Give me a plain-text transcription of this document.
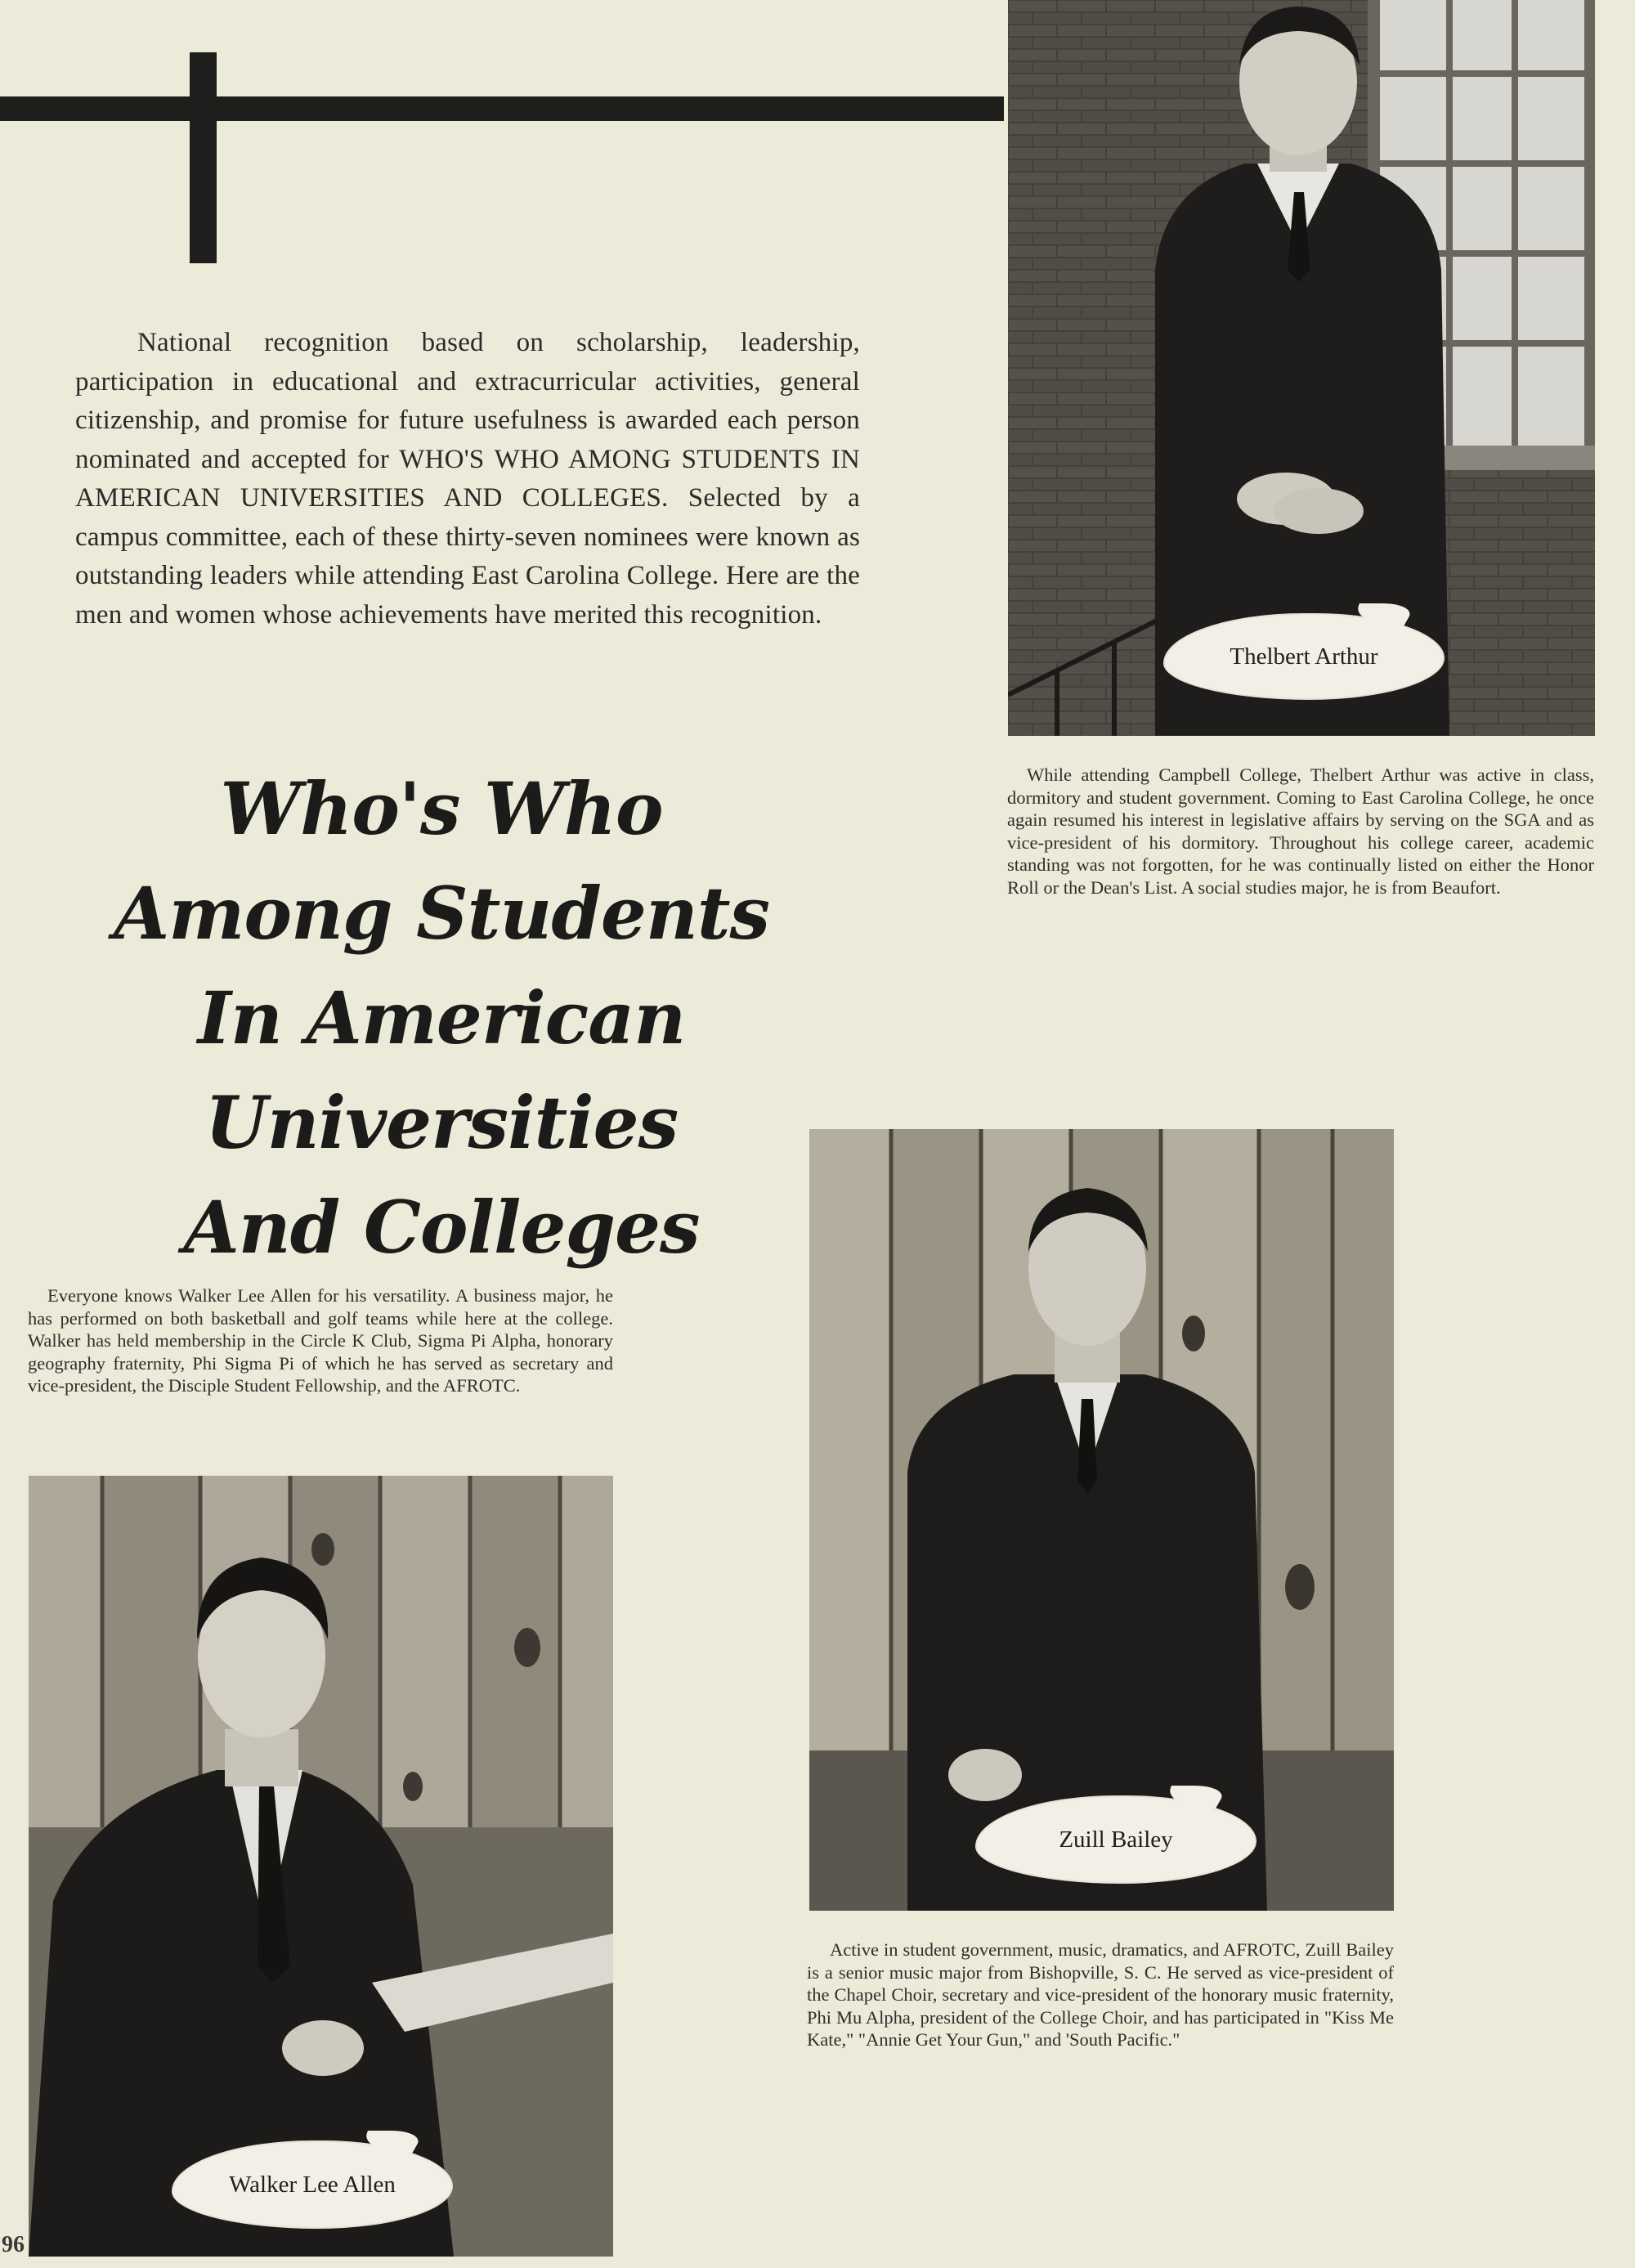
National recognition based on scholarship, leadership, participation in educational and extracurricular activities, general citizenship, and promise for future usefulness is awarded each person nominated and accepted for WHO'S WHO AMONG STUDENTS IN AMERICAN UNIVERSITIES AND COLLEGES. Selected by a campus committee, each of these thirty-seven nominees were known as outstanding leaders while attending East Carolina College. Here are the men and women whose achievements have merited this recognition.

Who's Who
Among Students
In American Universities
And Colleges
Thelbert Arthur

While attending Campbell College, Thelbert Arthur was active in class, dormitory and student government. Coming to East Carolina College, he once again resumed his interest in legislative affairs by serving on the SGA and as vice-president of his dormitory. Throughout his college career, academic standing was not forgotten, for he was continually listed on either the Honor Roll or the Dean's List. A social studies major, he is from Beaufort.

Everyone knows Walker Lee Allen for his versatility. A business major, he has performed on both basketball and golf teams while here at the college. Walker has held membership in the Circle K Club, Sigma Pi Alpha, honorary geography fraternity, Phi Sigma Pi of which he has served as secretary and vice-president, the Disciple Student Fellowship, and the AFROTC.

Zuill Bailey

Active in student government, music, dramatics, and AFROTC, Zuill Bailey is a senior music major from Bishopville, S. C. He served as vice-president of the Chapel Choir, secretary and vice-president of the honorary music fraternity, Phi Mu Alpha, president of the College Choir, and has participated in "Kiss Me Kate," "Annie Get Your Gun," and 'South Pacific."

Walker Lee Allen
96
